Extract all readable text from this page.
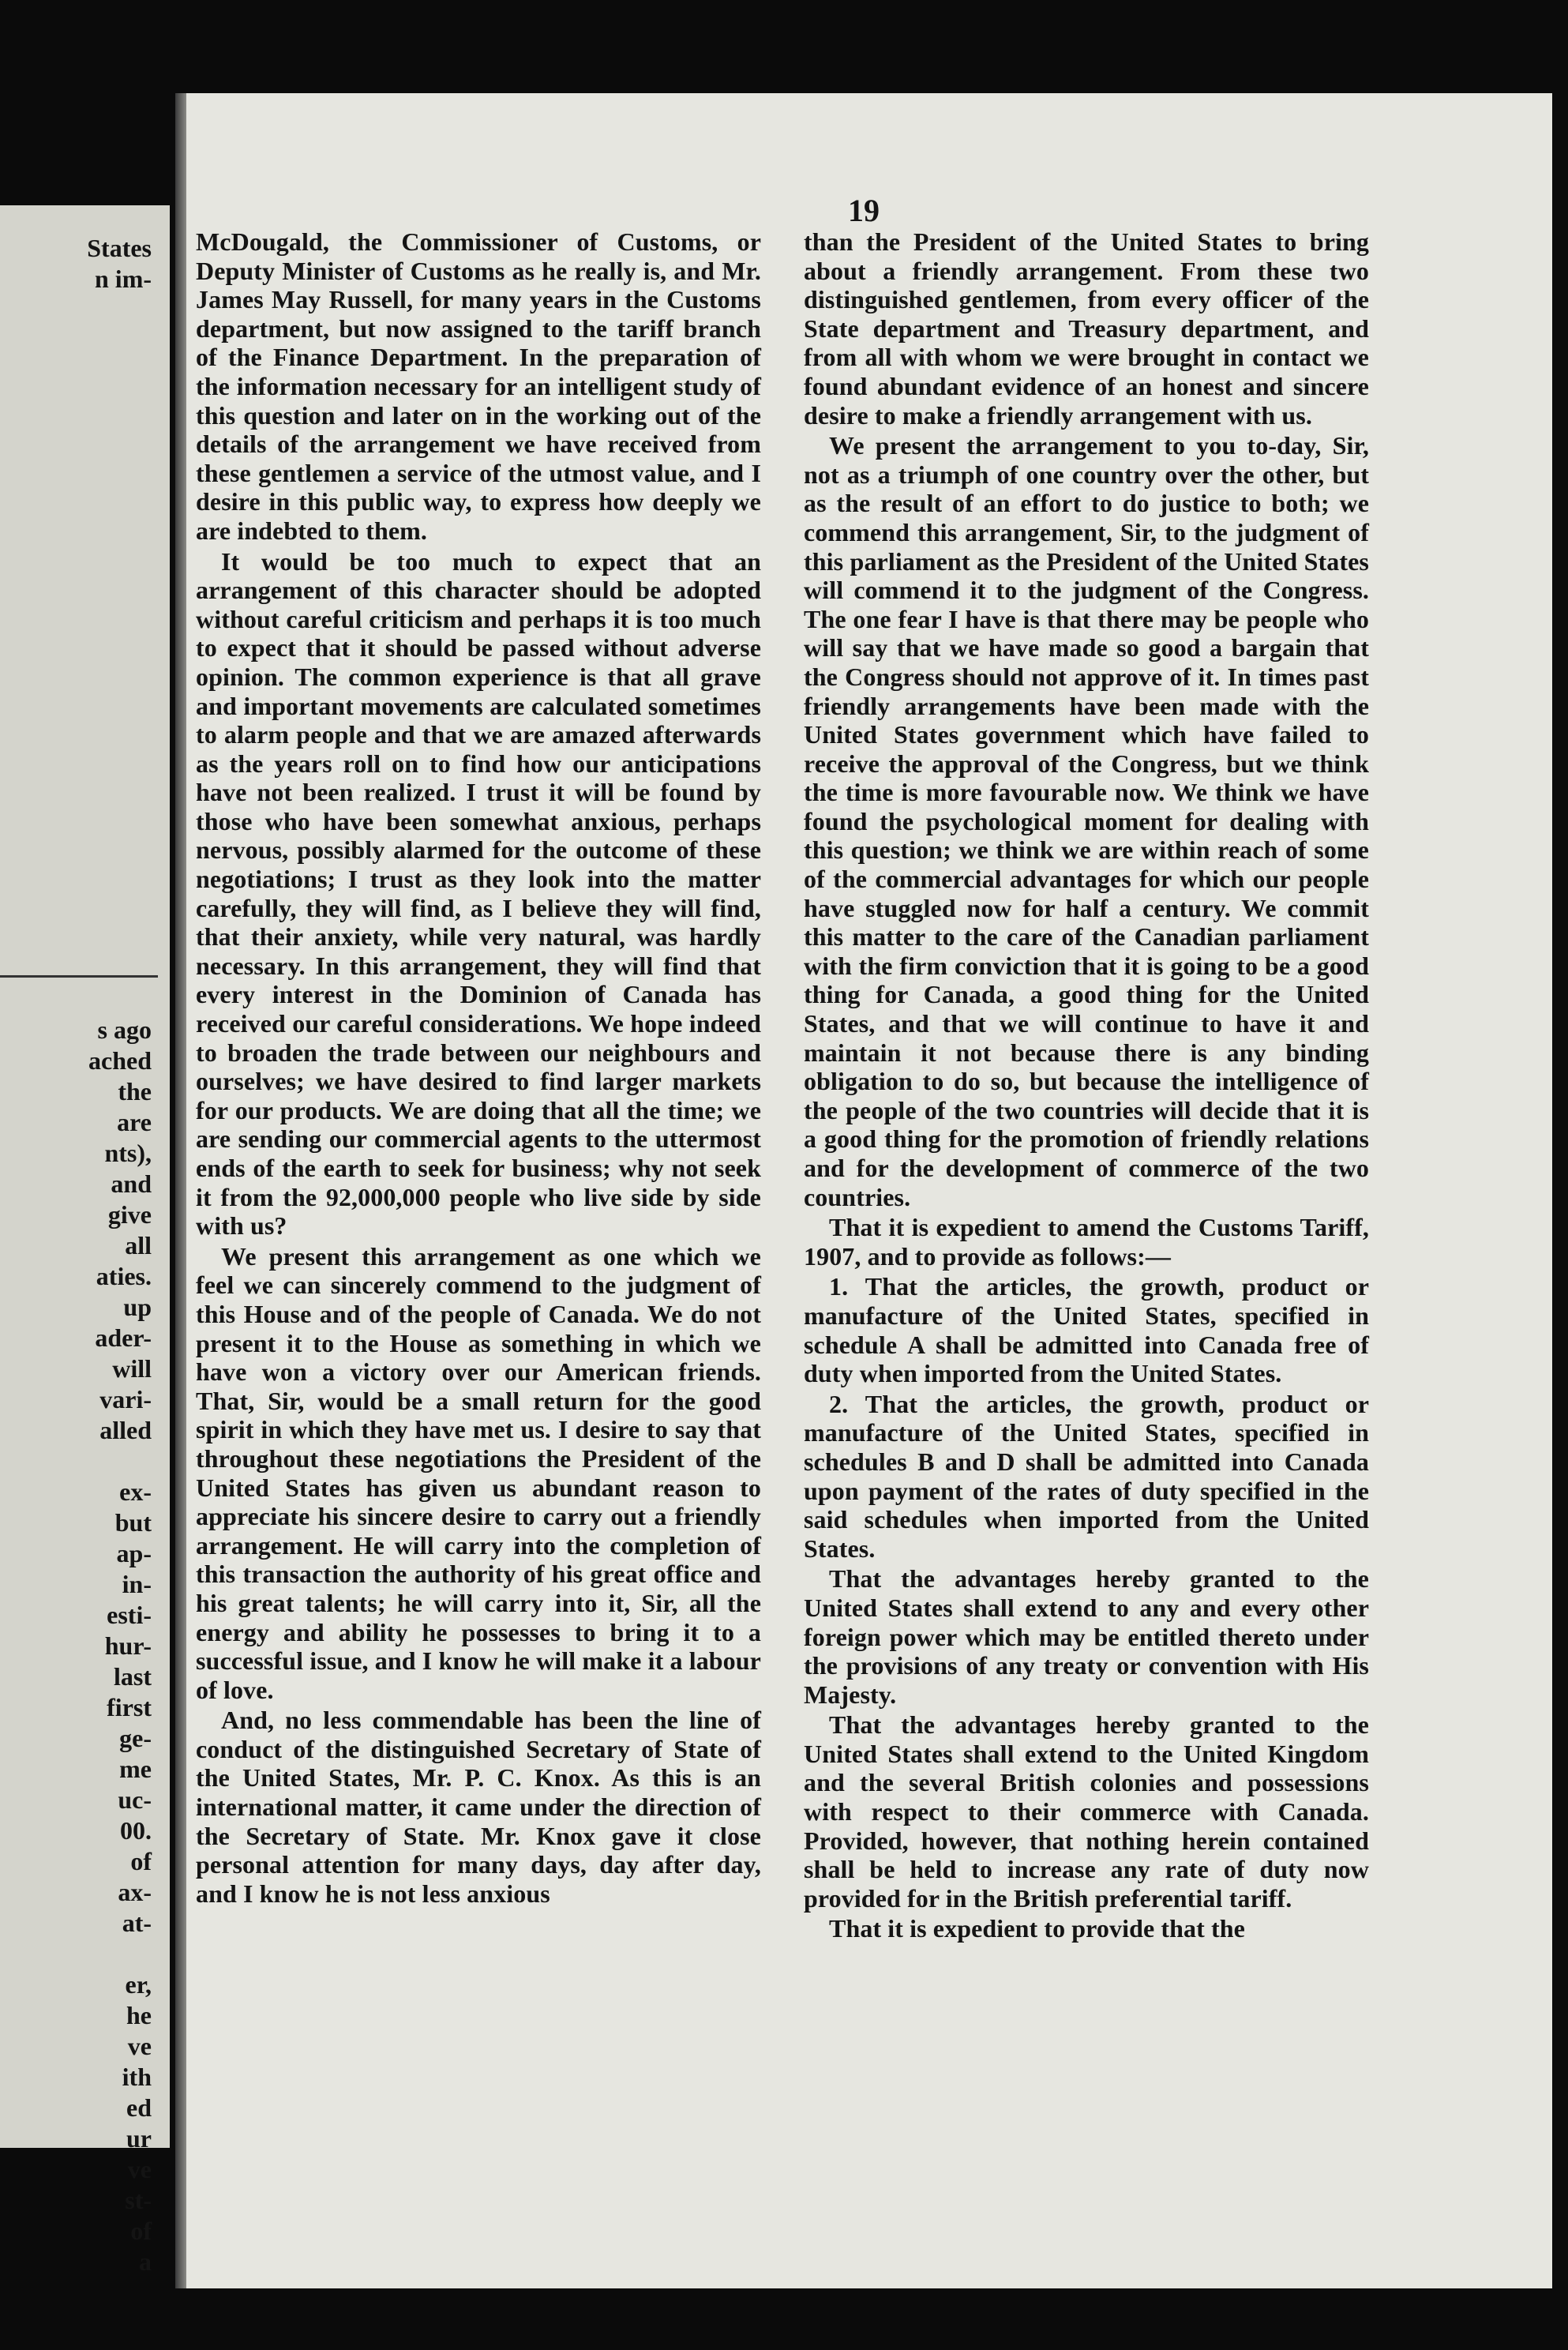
States
n im-
s ago
ached
the
are
nts),
and
give
all
aties.
up
ader-
will
vari-
alled

ex-
but
ap-
in-
esti-
hur-
last
first
ge-
me
uc-
00.
of
ax-
at-

er,
he
ve
ith
ed
ur
ve
st-
of
a
19

McDougald, the Commissioner of Customs, or Deputy Minister of Customs as he really is, and Mr. James May Russell, for many years in the Customs department, but now assigned to the tariff branch of the Finance Department. In the preparation of the information necessary for an intelligent study of this question and later on in the working out of the details of the arrangement we have received from these gentlemen a service of the utmost value, and I desire in this public way, to express how deeply we are indebted to them.

It would be too much to expect that an arrangement of this character should be adopted without careful criticism and perhaps it is too much to expect that it should be passed without adverse opinion. The common experience is that all grave and important movements are calculated sometimes to alarm people and that we are amazed afterwards as the years roll on to find how our anticipations have not been realized. I trust it will be found by those who have been somewhat anxious, perhaps nervous, possibly alarmed for the outcome of these negotiations; I trust as they look into the matter carefully, they will find, as I believe they will find, that their anxiety, while very natural, was hardly necessary. In this arrangement, they will find that every interest in the Dominion of Canada has received our careful considerations. We hope indeed to broaden the trade between our neighbours and ourselves; we have desired to find larger markets for our products. We are doing that all the time; we are sending our commercial agents to the uttermost ends of the earth to seek for business; why not seek it from the 92,000,000 people who live side by side with us?

We present this arrangement as one which we feel we can sincerely commend to the judgment of this House and of the people of Canada. We do not present it to the House as something in which we have won a victory over our American friends. That, Sir, would be a small return for the good spirit in which they have met us. I desire to say that throughout these negotiations the President of the United States has given us abundant reason to appreciate his sincere desire to carry out a friendly arrangement. He will carry into the completion of this transaction the authority of his great office and his great talents; he will carry into it, Sir, all the energy and ability he possesses to bring it to a successful issue, and I know he will make it a labour of love.

And, no less commendable has been the line of conduct of the distinguished Secretary of State of the United States, Mr. P. C. Knox. As this is an international matter, it came under the direction of the Secretary of State. Mr. Knox gave it close personal attention for many days, day after day, and I know he is not less anxious

than the President of the United States to bring about a friendly arrangement. From these two distinguished gentlemen, from every officer of the State department and Treasury department, and from all with whom we were brought in contact we found abundant evidence of an honest and sincere desire to make a friendly arrangement with us.

We present the arrangement to you to-day, Sir, not as a triumph of one country over the other, but as the result of an effort to do justice to both; we commend this arrangement, Sir, to the judgment of this parliament as the President of the United States will commend it to the judgment of the Congress. The one fear I have is that there may be people who will say that we have made so good a bargain that the Congress should not approve of it. In times past friendly arrangements have been made with the United States government which have failed to receive the approval of the Congress, but we think the time is more favourable now. We think we have found the psychological moment for dealing with this question; we think we are within reach of some of the commercial advantages for which our people have stuggled now for half a century. We commit this matter to the care of the Canadian parliament with the firm conviction that it is going to be a good thing for Canada, a good thing for the United States, and that we will continue to have it and maintain it not because there is any binding obligation to do so, but because the intelligence of the people of the two countries will decide that it is a good thing for the promotion of friendly relations and for the development of commerce of the two countries.

That it is expedient to amend the Customs Tariff, 1907, and to provide as follows:—

1. That the articles, the growth, product or manufacture of the United States, specified in schedule A shall be admitted into Canada free of duty when imported from the United States.

2. That the articles, the growth, product or manufacture of the United States, specified in schedules B and D shall be admitted into Canada upon payment of the rates of duty specified in the said schedules when imported from the United States.

That the advantages hereby granted to the United States shall extend to any and every other foreign power which may be entitled thereto under the provisions of any treaty or convention with His Majesty.

That the advantages hereby granted to the United States shall extend to the United Kingdom and the several British colonies and possessions with respect to their commerce with Canada. Provided, however, that nothing herein contained shall be held to increase any rate of duty now provided for in the British preferential tariff.

That it is expedient to provide that the
